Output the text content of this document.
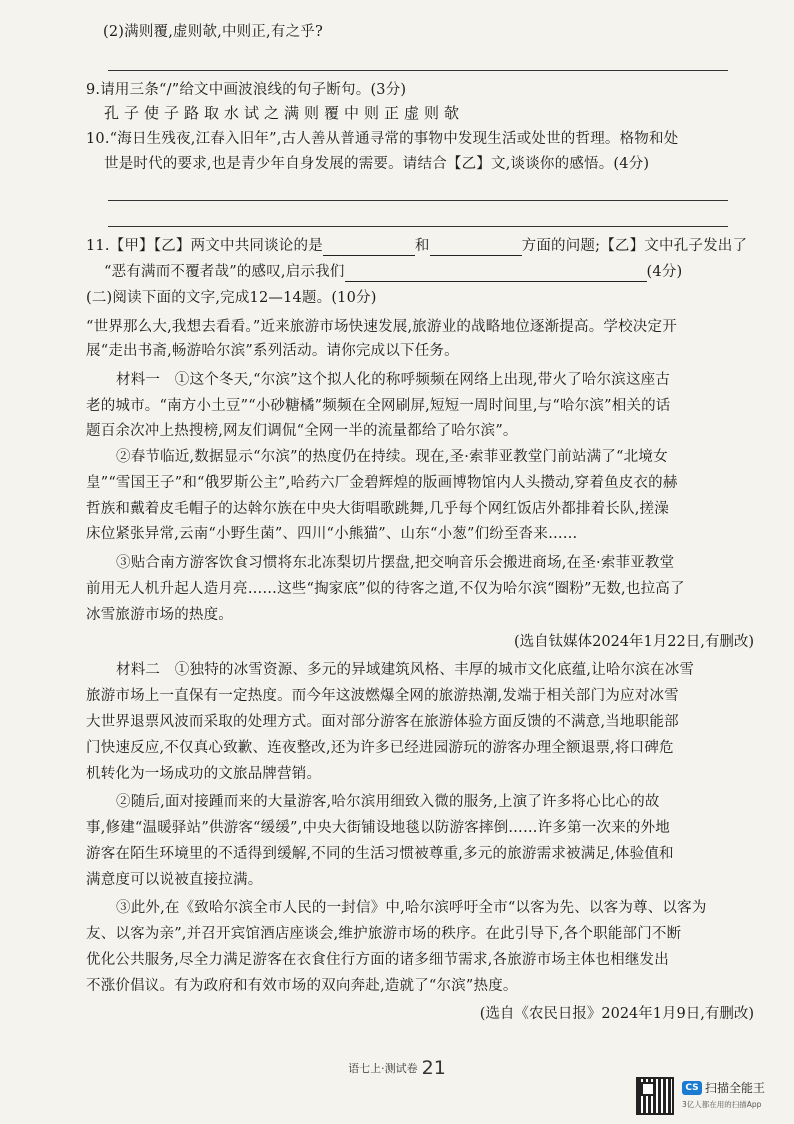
(2)满则覆,虚则欹,中则正,有之乎?
9.请用三条“/”给文中画波浪线的句子断句。(3分)
孔子使子路取水试之满则覆中则正虚则欹
10.“海日生残夜,江春入旧年”,古人善从普通寻常的事物中发现生活或处世的哲理。格物和处
世是时代的要求,也是青少年自身发展的需要。请结合【乙】文,谈谈你的感悟。(4分)
11.【甲】【乙】两文中共同谈论的是	和	方面的问题;【乙】文中孔子发出了
“恶有满而不覆者哉”的感叹,启示我们	(4分)
(二)阅读下面的文字,完成12—14题。(10分)
“世界那么大,我想去看看。”近来旅游市场快速发展,旅游业的战略地位逐渐提高。学校决定开
展“走出书斋,畅游哈尔滨”系列活动。请你完成以下任务。
材料一　①这个冬天,“尔滨”这个拟人化的称呼频频在网络上出现,带火了哈尔滨这座古
老的城市。“南方小土豆”“小砂糖橘”频频在全网刷屏,短短一周时间里,与“哈尔滨”相关的话
题百余次冲上热搜榜,网友们调侃“全网一半的流量都给了哈尔滨”。
②春节临近,数据显示“尔滨”的热度仍在持续。现在,圣·索菲亚教堂门前站满了“北境女
皇”“雪国王子”和“俄罗斯公主”,哈药六厂金碧辉煌的版画博物馆内人头攒动,穿着鱼皮衣的赫
哲族和戴着皮毛帽子的达斡尔族在中央大街唱歌跳舞,几乎每个网红饭店外都排着长队,搓澡
床位紧张异常,云南“小野生菌”、四川“小熊猫”、山东“小葱”们纷至沓来……
③贴合南方游客饮食习惯将东北冻梨切片摆盘,把交响音乐会搬进商场,在圣·索菲亚教堂
前用无人机升起人造月亮……这些“掏家底”似的待客之道,不仅为哈尔滨“圈粉”无数,也拉高了
冰雪旅游市场的热度。
(选自钛媒体2024年1月22日,有删改)
材料二　①独特的冰雪资源、多元的异域建筑风格、丰厚的城市文化底蕴,让哈尔滨在冰雪
旅游市场上一直保有一定热度。而今年这波燃爆全网的旅游热潮,发端于相关部门为应对冰雪
大世界退票风波而采取的处理方式。面对部分游客在旅游体验方面反馈的不满意,当地职能部
门快速反应,不仅真心致歉、连夜整改,还为许多已经进园游玩的游客办理全额退票,将口碑危
机转化为一场成功的文旅品牌营销。
②随后,面对接踵而来的大量游客,哈尔滨用细致入微的服务,上演了许多将心比心的故
事,修建“温暖驿站”供游客“缓缓”,中央大街铺设地毯以防游客摔倒……许多第一次来的外地
游客在陌生环境里的不适得到缓解,不同的生活习惯被尊重,多元的旅游需求被满足,体验值和
满意度可以说被直接拉满。
③此外,在《致哈尔滨全市人民的一封信》中,哈尔滨呼吁全市“以客为先、以客为尊、以客为
友、以客为亲”,并召开宾馆酒店座谈会,维护旅游市场的秩序。在此引导下,各个职能部门不断
优化公共服务,尽全力满足游客在衣食住行方面的诸多细节需求,各旅游市场主体也相继发出
不涨价倡议。有为政府和有效市场的双向奔赴,造就了“尔滨”热度。
(选自《农民日报》2024年1月9日,有删改)
语七上·测试卷 21
CS 扫描全能王
3亿人都在用的扫描App
